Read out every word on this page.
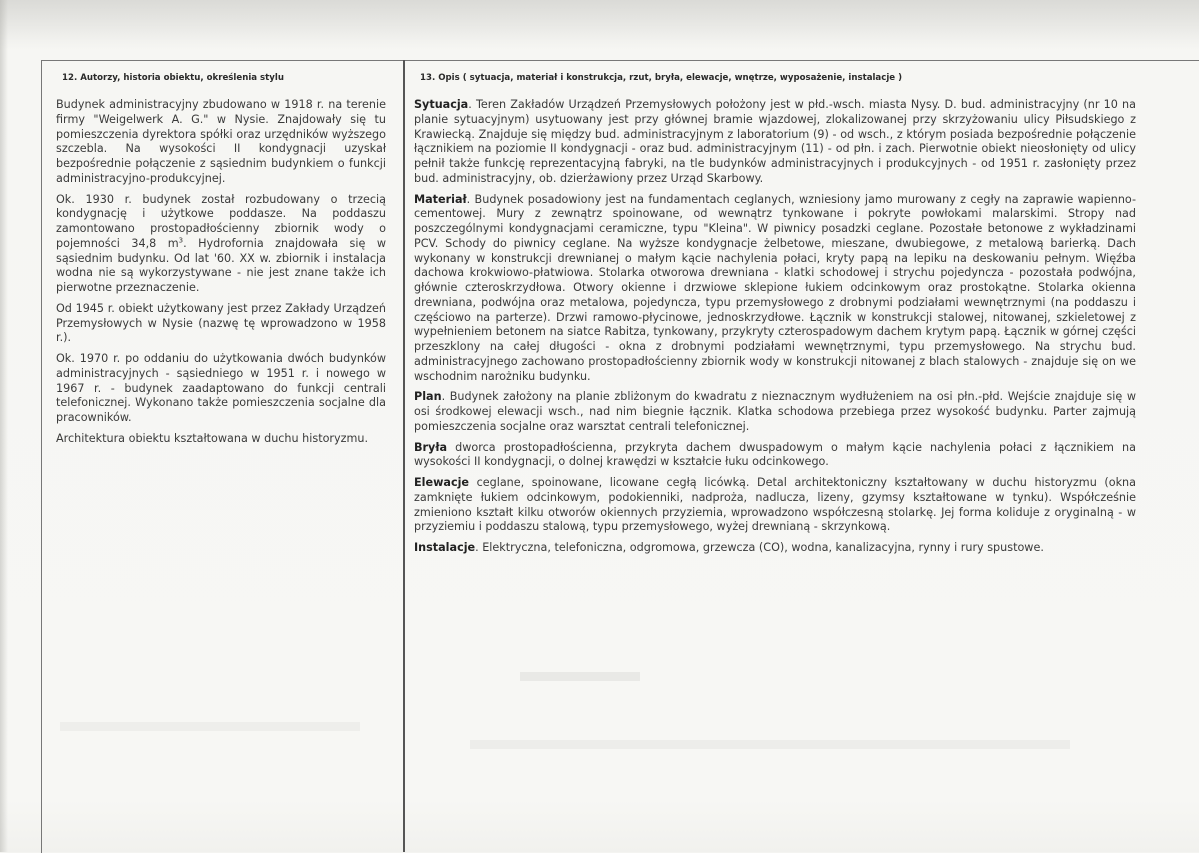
12. Autorzy, historia obiektu, określenia stylu

Budynek administracyjny zbudowano w 1918 r. na terenie firmy "Weigelwerk A. G." w Nysie. Znajdowały się tu pomieszczenia dyrektora spółki oraz urzędników wyższego szczebla. Na wysokości II kondygnacji uzyskał bezpośrednie połączenie z sąsiednim budynkiem o funkcji administracyjno-produkcyjnej.

Ok. 1930 r. budynek został rozbudowany o trzecią kondygnację i użytkowe poddasze. Na poddaszu zamontowano prostopadłościenny zbiornik wody o pojemności 34,8 $m^3$. Hydrofornia znajdowała się w sąsiednim budynku. Od lat '60. XX w. zbiornik i instalacja wodna nie są wykorzystywane - nie jest znane także ich pierwotne przeznaczenie.

Od 1945 r. obiekt użytkowany jest przez Zakłady Urządzeń Przemysłowych w Nysie (nazwę tę wprowadzono w 1958 r.).

Ok. 1970 r. po oddaniu do użytkowania dwóch budynków administracyjnych - sąsiedniego w 1951 r. i nowego w 1967 r. - budynek zaadaptowano do funkcji centrali telefonicznej. Wykonano także pomieszczenia socjalne dla pracowników.

Architektura obiektu kształtowana w duchu historyzmu.

13. Opis ( sytuacja, materiał i konstrukcja, rzut, bryła, elewacje, wnętrze, wyposażenie, instalacje )

Sytuacja. Teren Zakładów Urządzeń Przemysłowych położony jest w płd.-wsch. miasta Nysy. D. bud. administracyjny (nr 10 na planie sytuacyjnym) usytuowany jest przy głównej bramie wjazdowej, zlokalizowanej przy skrzyżowaniu ulicy Piłsudskiego z Krawiecką. Znajduje się między bud. administracyjnym z laboratorium (9) - od wsch., z którym posiada bezpośrednie połączenie łącznikiem na poziomie II kondygnacji - oraz bud. administracyjnym (11) - od płn. i zach. Pierwotnie obiekt nieosłonięty od ulicy pełnił także funkcję reprezentacyjną fabryki, na tle budynków administracyjnych i produkcyjnych - od 1951 r. zasłonięty przez bud. administracyjny, ob. dzierżawiony przez Urząd Skarbowy.

Materiał. Budynek posadowiony jest na fundamentach ceglanych, wzniesiony jamo murowany z cegły na zaprawie wapienno-cementowej. Mury z zewnątrz spoinowane, od wewnątrz tynkowane i pokryte powłokami malarskimi. Stropy nad poszczególnymi kondygnacjami ceramiczne, typu "Kleina". W piwnicy posadzki ceglane. Pozostałe betonowe z wykładzinami PCV. Schody do piwnicy ceglane. Na wyższe kondygnacje żelbetowe, mieszane, dwubiegowe, z metalową barierką. Dach wykonany w konstrukcji drewnianej o małym kącie nachylenia połaci, kryty papą na lepiku na deskowaniu pełnym. Więźba dachowa krokwiowo-płatwiowa. Stolarka otworowa drewniana - klatki schodowej i strychu pojedyncza - pozostała podwójna, głównie czteroskrzydłowa. Otwory okienne i drzwiowe sklepione łukiem odcinkowym oraz prostokątne. Stolarka okienna drewniana, podwójna oraz metalowa, pojedyncza, typu przemysłowego z drobnymi podziałami wewnętrznymi (na poddaszu i częściowo na parterze). Drzwi ramowo-płycinowe, jednoskrzydłowe. Łącznik w konstrukcji stalowej, nitowanej, szkieletowej z wypełnieniem betonem na siatce Rabitza, tynkowany, przykryty czterospadowym dachem krytym papą. Łącznik w górnej części przeszklony na całej długości - okna z drobnymi podziałami wewnętrznymi, typu przemysłowego. Na strychu bud. administracyjnego zachowano prostopadłościenny zbiornik wody w konstrukcji nitowanej z blach stalowych - znajduje się on we wschodnim narożniku budynku.

Plan. Budynek założony na planie zbliżonym do kwadratu z nieznacznym wydłużeniem na osi płn.-płd. Wejście znajduje się w osi środkowej elewacji wsch., nad nim biegnie łącznik. Klatka schodowa przebiega przez wysokość budynku. Parter zajmują pomieszczenia socjalne oraz warsztat centrali telefonicznej.

Bryła dworca prostopadłościenna, przykryta dachem dwuspadowym o małym kącie nachylenia połaci z łącznikiem na wysokości II kondygnacji, o dolnej krawędzi w kształcie łuku odcinkowego.

Elewacje ceglane, spoinowane, licowane cegłą licówką. Detal architektoniczny kształtowany w duchu historyzmu (okna zamknięte łukiem odcinkowym, podokienniki, nadproża, nadlucza, lizeny, gzymsy kształtowane w tynku). Współcześnie zmieniono kształt kilku otworów okiennych przyziemia, wprowadzono współczesną stolarkę. Jej forma koliduje z oryginalną - w przyziemiu i poddaszu stalową, typu przemysłowego, wyżej drewnianą - skrzynkową.

Instalacje. Elektryczna, telefoniczna, odgromowa, grzewcza (CO), wodna, kanalizacyjna, rynny i rury spustowe.
